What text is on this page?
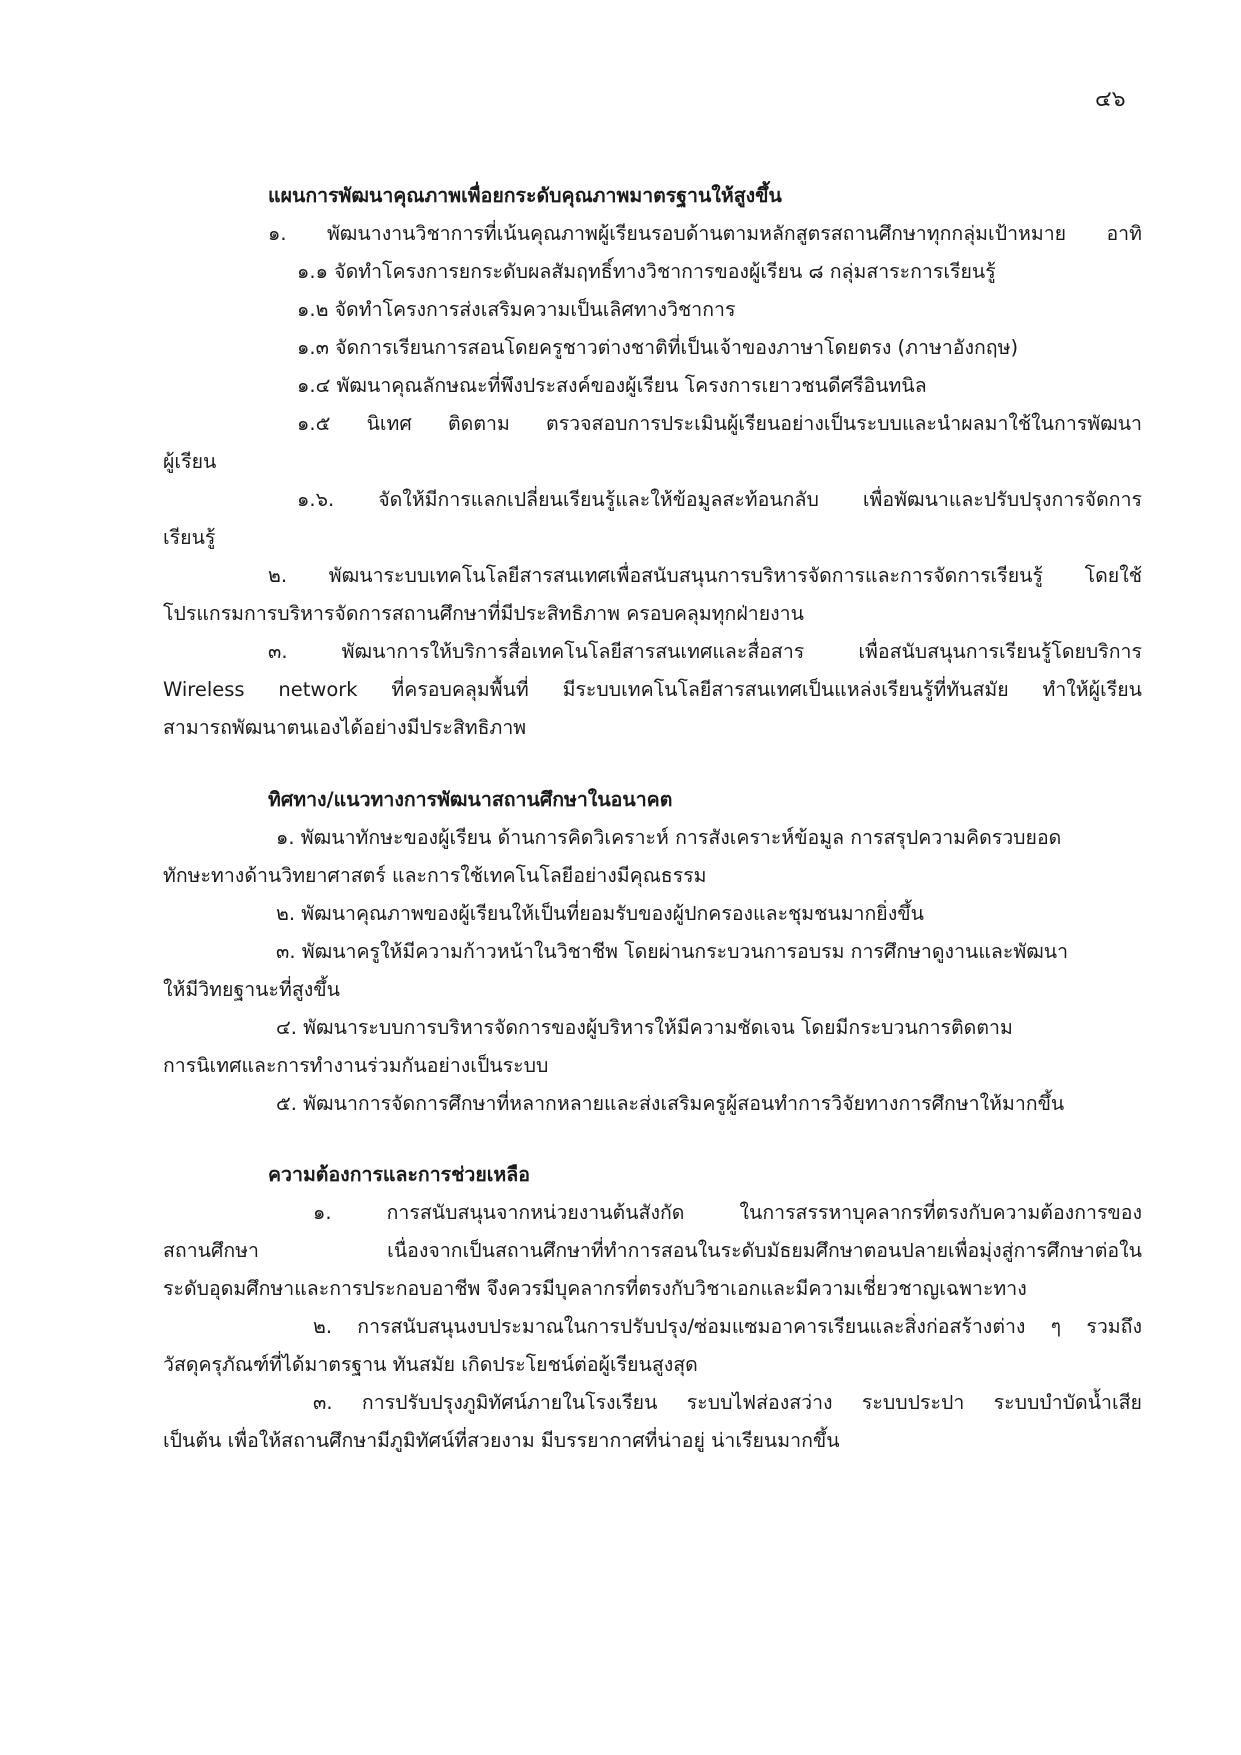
๔๖
แผนการพัฒนาคุณภาพเพื่อยกระดับคุณภาพมาตรฐานให้สูงขึ้น
๑. พัฒนางานวิชาการที่เน้นคุณภาพผู้เรียนรอบด้านตามหลักสูตรสถานศึกษาทุกกลุ่มเป้าหมาย อาทิ
๑.๑ จัดทำโครงการยกระดับผลสัมฤทธิ์ทางวิชาการของผู้เรียน ๘ กลุ่มสาระการเรียนรู้
๑.๒ จัดทำโครงการส่งเสริมความเป็นเลิศทางวิชาการ
๑.๓ จัดการเรียนการสอนโดยครูชาวต่างชาติที่เป็นเจ้าของภาษาโดยตรง (ภาษาอังกฤษ)
๑.๔ พัฒนาคุณลักษณะที่พึงประสงค์ของผู้เรียน โครงการเยาวชนดีศรีอินทนิล
๑.๕ นิเทศ ติดตาม ตรวจสอบการประเมินผู้เรียนอย่างเป็นระบบและนำผลมาใช้ในการพัฒนา
ผู้เรียน
๑.๖. จัดให้มีการแลกเปลี่ยนเรียนรู้และให้ข้อมูลสะท้อนกลับ เพื่อพัฒนาและปรับปรุงการจัดการ
เรียนรู้
๒. พัฒนาระบบเทคโนโลยีสารสนเทศเพื่อสนับสนุนการบริหารจัดการและการจัดการเรียนรู้ โดยใช้
โปรแกรมการบริหารจัดการสถานศึกษาที่มีประสิทธิภาพ ครอบคลุมทุกฝ่ายงาน
๓. พัฒนาการให้บริการสื่อเทคโนโลยีสารสนเทศและสื่อสาร เพื่อสนับสนุนการเรียนรู้โดยบริการ
Wireless network ที่ครอบคลุมพื้นที่ มีระบบเทคโนโลยีสารสนเทศเป็นแหล่งเรียนรู้ที่ทันสมัย ทำให้ผู้เรียน
สามารถพัฒนาตนเองได้อย่างมีประสิทธิภาพ
ทิศทาง/แนวทางการพัฒนาสถานศึกษาในอนาคต
๑. พัฒนาทักษะของผู้เรียน ด้านการคิดวิเคราะห์ การสังเคราะห์ข้อมูล การสรุปความคิดรวบยอด
ทักษะทางด้านวิทยาศาสตร์ และการใช้เทคโนโลยีอย่างมีคุณธรรม
๒. พัฒนาคุณภาพของผู้เรียนให้เป็นที่ยอมรับของผู้ปกครองและชุมชนมากยิ่งขึ้น
๓. พัฒนาครูให้มีความก้าวหน้าในวิชาชีพ โดยผ่านกระบวนการอบรม การศึกษาดูงานและพัฒนา
ให้มีวิทยฐานะที่สูงขึ้น
๔. พัฒนาระบบการบริหารจัดการของผู้บริหารให้มีความชัดเจน โดยมีกระบวนการติดตาม
การนิเทศและการทำงานร่วมกันอย่างเป็นระบบ
๕. พัฒนาการจัดการศึกษาที่หลากหลายและส่งเสริมครูผู้สอนทำการวิจัยทางการศึกษาให้มากขึ้น
ความต้องการและการช่วยเหลือ
๑. การสนับสนุนจากหน่วยงานต้นสังกัด ในการสรรหาบุคลากรที่ตรงกับความต้องการของ
สถานศึกษา เนื่องจากเป็นสถานศึกษาที่ทำการสอนในระดับมัธยมศึกษาตอนปลายเพื่อมุ่งสู่การศึกษาต่อใน
ระดับอุดมศึกษาและการประกอบอาชีพ จึงควรมีบุคลากรที่ตรงกับวิชาเอกและมีความเชี่ยวชาญเฉพาะทาง
๒. การสนับสนุนงบประมาณในการปรับปรุง/ซ่อมแซมอาคารเรียนและสิ่งก่อสร้างต่าง ๆ รวมถึง
วัสดุครุภัณฑ์ที่ได้มาตรฐาน ทันสมัย เกิดประโยชน์ต่อผู้เรียนสูงสุด
๓. การปรับปรุงภูมิทัศน์ภายในโรงเรียน ระบบไฟส่องสว่าง ระบบประปา ระบบบำบัดน้ำเสีย
เป็นต้น เพื่อให้สถานศึกษามีภูมิทัศน์ที่สวยงาม มีบรรยากาศที่น่าอยู่ น่าเรียนมากขึ้น
